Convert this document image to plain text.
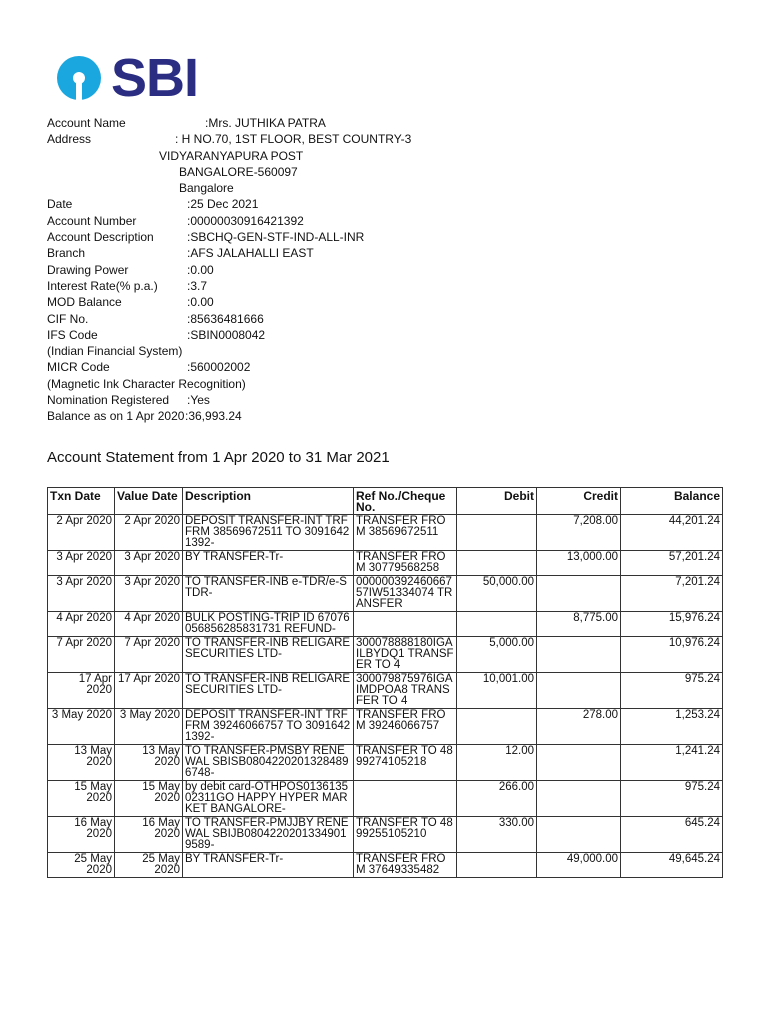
SBI
Account Name	:Mrs. JUTHIKA PATRA
Address	: H NO.70, 1ST FLOOR, BEST COUNTRY-3
VIDYARANYAPURA POST
BANGALORE-560097
Bangalore
Date	:25 Dec 2021
Account Number	:00000030916421392
Account Description	:SBCHQ-GEN-STF-IND-ALL-INR
Branch	:AFS JALAHALLI EAST
Drawing Power	:0.00
Interest Rate(% p.a.) :3.7
MOD Balance	:0.00
CIF No.	:85636481666
IFS Code	:SBIN0008042
(Indian Financial System)
MICR Code	:560002002
(Magnetic Ink Character Recognition)
Nomination Registered :Yes
Balance as on 1 Apr 2020 :36,993.24
Account Statement from 1 Apr 2020 to 31 Mar 2021
Txn Date	Value Date	Description	Ref No./Cheque No.	Debit	Credit	Balance
2 Apr 2020	2 Apr 2020	DEPOSIT TRANSFER-INT TRF FRM 38569672511 TO 30916421392-	TRANSFER FROM 38569672511		7,208.00	44,201.24
3 Apr 2020	3 Apr 2020	BY TRANSFER-Tr-	TRANSFER FROM 30779568258		13,000.00	57,201.24
3 Apr 2020	3 Apr 2020	TO TRANSFER-INB e-TDR/e-STDR-	00000039246066757IW51334074 TRANSFER	50,000.00		7,201.24
4 Apr 2020	4 Apr 2020	BULK POSTING-TRIP ID 67076056856285831731 REFUND-			8,775.00	15,976.24
7 Apr 2020	7 Apr 2020	TO TRANSFER-INB RELIGARE SECURITIES LTD-	300078888180IGAILBYDQ1 TRANSFER TO 4	5,000.00		10,976.24
17 Apr 2020	17 Apr 2020	TO TRANSFER-INB RELIGARE SECURITIES LTD-	300079875976IGAIMDPOA8 TRANSFER TO 4	10,001.00		975.24
3 May 2020	3 May 2020	DEPOSIT TRANSFER-INT TRF FRM 39246066757 TO 30916421392-	TRANSFER FROM 39246066757		278.00	1,253.24
13 May 2020	13 May 2020	TO TRANSFER-PMSBY RENEWAL SBISB08042202013284896748-	TRANSFER TO 4899274105218	12.00		1,241.24
15 May 2020	15 May 2020	by debit card-OTHPOS013613502311GO HAPPY HYPER MARKET BANGALORE-		266.00		975.24
16 May 2020	16 May 2020	TO TRANSFER-PMJJBY RENEWAL SBIJB08042202013349019589-	TRANSFER TO 4899255105210	330.00		645.24
25 May 2020	25 May 2020	BY TRANSFER-Tr-	TRANSFER FROM 37649335482		49,000.00	49,645.24
